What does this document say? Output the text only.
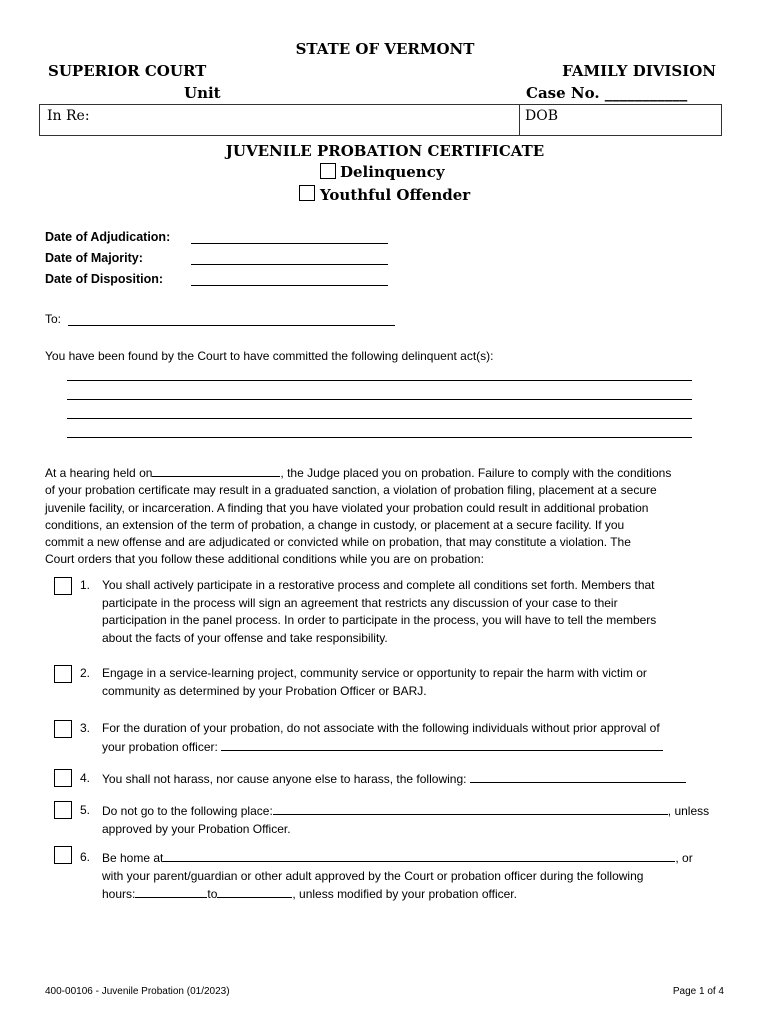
STATE OF VERMONT
SUPERIOR COURT	FAMILY DIVISION
Unit	Case No. ___________
In Re:	DOB
JUVENILE PROBATION CERTIFICATE
Delinquency
Youthful Offender
Date of Adjudication:
Date of Majority:
Date of Disposition:
To:
You have been found by the Court to have committed the following delinquent act(s):
At a hearing held on	, the Judge placed you on probation. Failure to comply with the conditions
of your probation certificate may result in a graduated sanction, a violation of probation filing, placement at a secure
juvenile facility, or incarceration. A finding that you have violated your probation could result in additional probation
conditions, an extension of the term of probation, a change in custody, or placement at a secure facility. If you
commit a new offense and are adjudicated or convicted while on probation, that may constitute a violation. The
Court orders that you follow these additional conditions while you are on probation:
1. You shall actively participate in a restorative process and complete all conditions set forth. Members that
participate in the process will sign an agreement that restricts any discussion of your case to their
participation in the panel process. In order to participate in the process, you will have to tell the members
about the facts of your offense and take responsibility.
2. Engage in a service-learning project, community service or opportunity to repair the harm with victim or
community as determined by your Probation Officer or BARJ.
3. For the duration of your probation, do not associate with the following individuals without prior approval of
your probation officer:
4. You shall not harass, nor cause anyone else to harass, the following:
5. Do not go to the following place:	, unless
approved by your Probation Officer.
6. Be home at	, or
with your parent/guardian or other adult approved by the Court or probation officer during the following
hours:	to	, unless modified by your probation officer.
400-00106 - Juvenile Probation (01/2023)	Page 1 of 4
